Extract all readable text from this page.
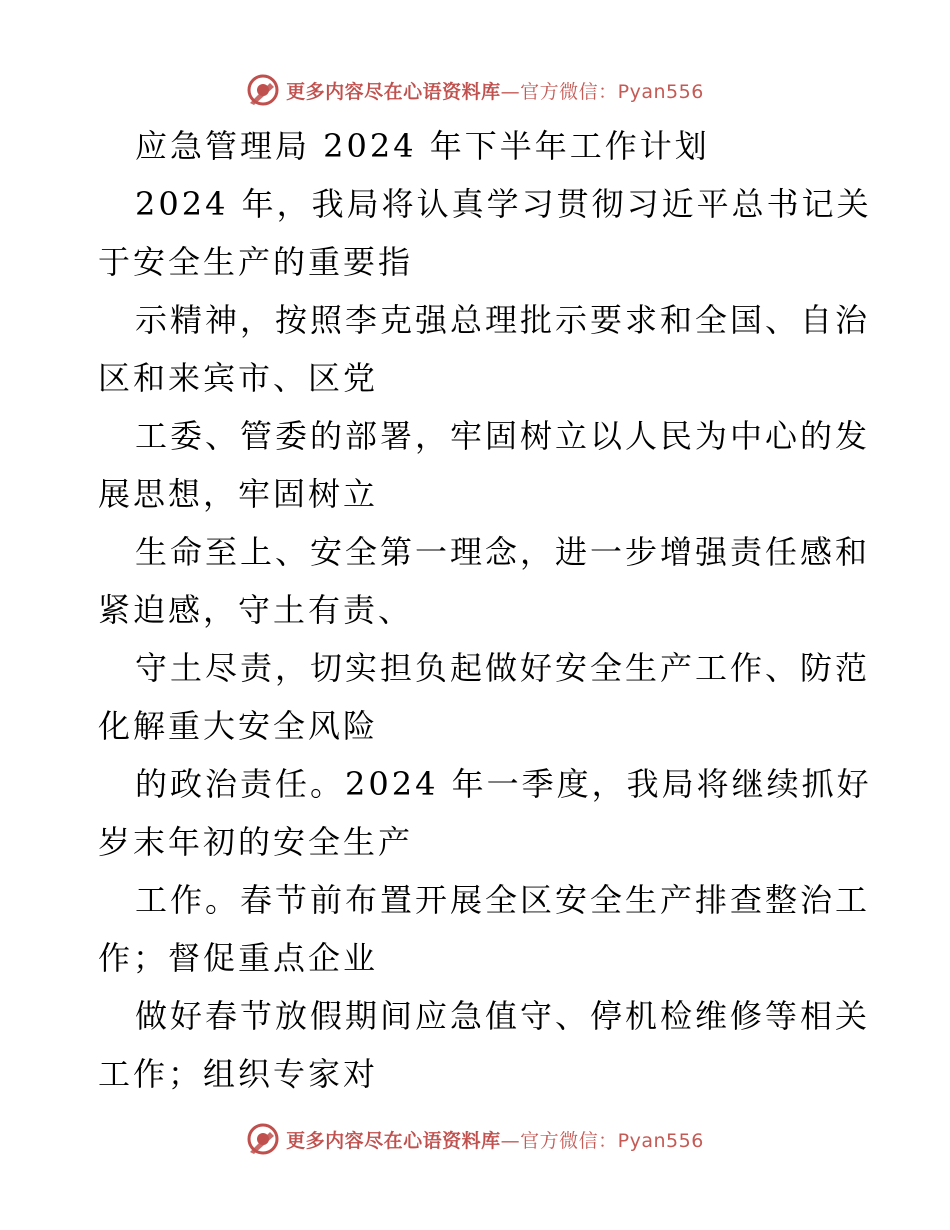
更多内容尽在心语资料库—官方微信：Pyan556
应急管理局 2024 年下半年工作计划
2024 年，我局将认真学习贯彻习近平总书记关
于安全生产的重要指
示精神，按照李克强总理批示要求和全国、自治
区和来宾市、区党
工委、管委的部署，牢固树立以人民为中心的发
展思想，牢固树立
生命至上、安全第一理念，进一步增强责任感和
紧迫感，守土有责、
守土尽责，切实担负起做好安全生产工作、防范
化解重大安全风险
的政治责任。2024 年一季度，我局将继续抓好
岁末年初的安全生产
工作。春节前布置开展全区安全生产排查整治工
作；督促重点企业
做好春节放假期间应急值守、停机检维修等相关
工作；组织专家对
更多内容尽在心语资料库—官方微信：Pyan556
